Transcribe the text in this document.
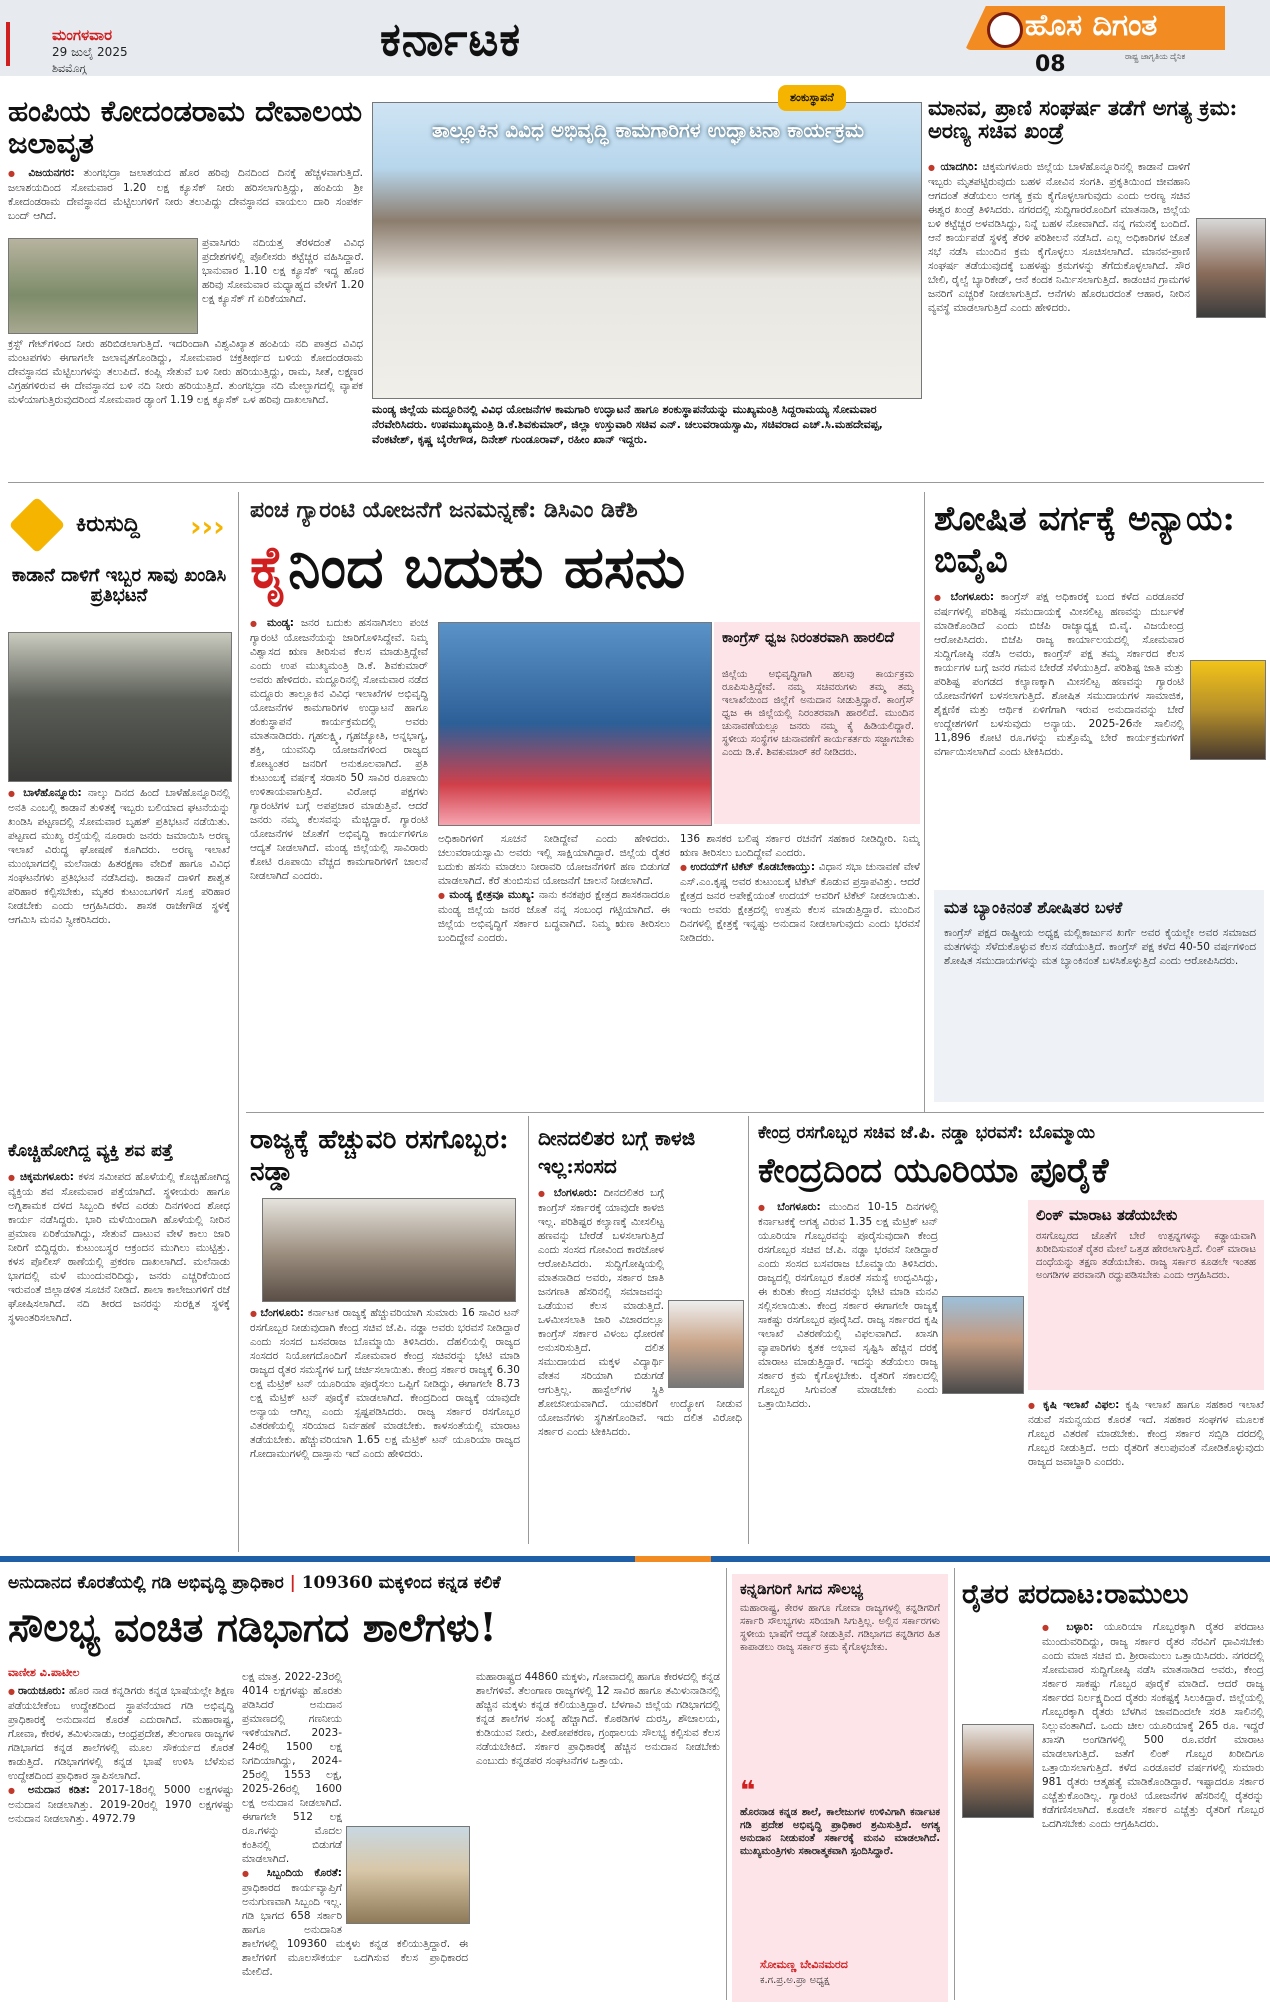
ಮಂಗಳವಾರ
29 ಜುಲೈ 2025
ಶಿವಮೊಗ್ಗ
ಕರ್ನಾಟಕ	ಹೊಸ ದಿಗಂತ
ರಾಷ್ಟ್ರ ಜಾಗೃತಿಯ ದೈನಿಕ
08
ಹಂಪಿಯ ಕೋದಂಡರಾಮ ದೇವಾಲಯ ಜಲಾವೃತ
● ವಿಜಯನಗರ: ತುಂಗಭದ್ರಾ ಜಲಾಶಯದ ಹೊರ ಹರಿವು ದಿನದಿಂದ ದಿನಕ್ಕೆ ಹೆಚ್ಚಳವಾಗುತ್ತಿದೆ. ಜಲಾಶಯದಿಂದ ಸೋಮವಾರ 1.20 ಲಕ್ಷ ಕ್ಯೂಸೆಕ್ ನೀರು ಹರಿಸಲಾಗುತ್ತಿದ್ದು, ಹಂಪಿಯ ಶ್ರೀ ಕೋದಂಡರಾಮ ದೇವಸ್ಥಾನದ ಮೆಟ್ಟಿಲುಗಳಿಗೆ ನೀರು ತಲುಪಿದ್ದು ದೇವಸ್ಥಾನದ ವಾಯಲು ದಾರಿ ಸಂಪರ್ಕ ಬಂದ್ ಆಗಿದೆ.
ಪ್ರವಾಸಿಗರು ನದಿಯತ್ತ ತೆರಳದಂತೆ ವಿವಿಧ ಪ್ರದೇಶಗಳಲ್ಲಿ ಪೊಲೀಸರು ಕಟ್ಟೆಚ್ಚರ ವಹಿಸಿದ್ದಾರೆ. ಭಾನುವಾರ 1.10 ಲಕ್ಷ ಕ್ಯೂಸೆಕ್ ಇದ್ದ ಹೊರ ಹರಿವು ಸೋಮವಾರ ಮಧ್ಯಾಹ್ನದ ವೇಳೆಗೆ 1.20 ಲಕ್ಷ ಕ್ಯೂಸೆಕ್ ಗೆ ಏರಿಕೆಯಾಗಿದೆ.
ಕ್ರಸ್ಟ್ ಗೇಟ್‌ಗಳಿಂದ ನೀರು ಹರಿಬಿಡಲಾಗುತ್ತಿದೆ. ಇದರಿಂದಾಗಿ ವಿಶ್ವವಿಖ್ಯಾತ ಹಂಪಿಯ ನದಿ ಪಾತ್ರದ ವಿವಿಧ ಮಂಟಪಗಳು ಈಗಾಗಲೇ ಜಲಾವೃತಗೊಂಡಿದ್ದು, ಸೋಮವಾರ ಚಕ್ರತೀರ್ಥದ ಬಳಿಯ ಕೋದಂಡರಾಮ ದೇವಸ್ಥಾನದ ಮೆಟ್ಟಿಲುಗಳನ್ನು ತಲುಪಿದೆ. ಕಂಪ್ಲಿ ಸೇತುವೆ ಬಳಿ ನೀರು ಹರಿಯುತ್ತಿದ್ದು, ರಾಮ, ಸೀತೆ, ಲಕ್ಷ್ಮಣರ ವಿಗ್ರಹಗಳಿರುವ ಈ ದೇವಸ್ಥಾನದ ಬಳಿ ನದಿ ನೀರು ಹರಿಯುತ್ತಿದೆ. ತುಂಗಭದ್ರಾ ನದಿ ಮೇಲ್ಭಾಗದಲ್ಲಿ ವ್ಯಾಪಕ ಮಳೆಯಾಗುತ್ತಿರುವುದರಿಂದ ಸೋಮವಾರ ಡ್ಯಾಂಗೆ 1.19 ಲಕ್ಷ ಕ್ಯೂಸೆಕ್ ಒಳ ಹರಿವು ದಾಖಲಾಗಿದೆ.
ತಾಲ್ಲೂಕಿನ ವಿವಿಧ ಅಭಿವೃದ್ಧಿ ಕಾಮಗಾರಿಗಳ ಉದ್ಘಾಟನಾ ಕಾರ್ಯಕ್ರಮ
ಶಂಕುಸ್ಥಾಪನೆ
ಮಂಡ್ಯ ಜಿಲ್ಲೆಯ ಮದ್ದೂರಿನಲ್ಲಿ ವಿವಿಧ ಯೋಜನೆಗಳ ಕಾಮಗಾರಿ ಉದ್ಘಾಟನೆ ಹಾಗೂ ಶಂಕುಸ್ಥಾಪನೆಯನ್ನು ಮುಖ್ಯಮಂತ್ರಿ ಸಿದ್ದರಾಮಯ್ಯ ಸೋಮವಾರ ನೆರವೇರಿಸಿದರು. ಉಪಮುಖ್ಯಮಂತ್ರಿ ಡಿ.ಕೆ.ಶಿವಕುಮಾರ್, ಜಿಲ್ಲಾ ಉಸ್ತುವಾರಿ ಸಚಿವ ಎನ್. ಚಲುವರಾಯಸ್ವಾಮಿ, ಸಚಿವರಾದ ಎಚ್.ಸಿ.ಮಹದೇವಪ್ಪ, ವೆಂಕಟೇಶ್, ಕೃಷ್ಣ ಬೈರೇಗೌಡ, ದಿನೇಶ್ ಗುಂಡೂರಾವ್, ರಹೀಂ ಖಾನ್ ಇದ್ದರು.
ಮಾನವ, ಪ್ರಾಣಿ ಸಂಘರ್ಷ ತಡೆಗೆ ಅಗತ್ಯ ಕ್ರಮ: ಅರಣ್ಯ ಸಚಿವ ಖಂಡ್ರೆ
● ಯಾದಗಿರಿ: ಚಿಕ್ಕಮಗಳೂರು ಜಿಲ್ಲೆಯ ಬಾಳೆಹೊನ್ನೂರಿನಲ್ಲಿ ಕಾಡಾನೆ ದಾಳಿಗೆ ಇಬ್ಬರು ಮೃತಪಟ್ಟಿರುವುದು ಬಹಳ ನೋವಿನ ಸಂಗತಿ. ಪ್ರಕೃತಿಯಿಂದ ಜೀವಹಾನಿ ಆಗದಂತೆ ತಡೆಯಲು ಅಗತ್ಯ ಕ್ರಮ ಕೈಗೊಳ್ಳಲಾಗುವುದು ಎಂದು ಅರಣ್ಯ ಸಚಿವ ಈಶ್ವರ ಖಂಡ್ರೆ ತಿಳಿಸಿದರು. ನಗರದಲ್ಲಿ ಸುದ್ದಿಗಾರರೊಂದಿಗೆ ಮಾತನಾಡಿ, ಜಿಲ್ಲೆಯ ಬಳಿ ಕಟ್ಟೆಚ್ಚರ ಅಳವಡಿಸಿದ್ದು, ನಿನ್ನೆ ಬಹಳ ನೋವಾಗಿದೆ. ನನ್ನ ಗಮನಕ್ಕೆ ಬಂದಿದೆ. ಆನೆ ಕಾರ್ಯಪಡೆ ಸ್ಥಳಕ್ಕೆ ತೆರಳಿ ಪರಿಶೀಲನೆ ನಡೆಸಿದೆ. ಎಲ್ಲ ಅಧಿಕಾರಿಗಳ ಜೊತೆ ಸಭೆ ನಡೆಸಿ ಮುಂದಿನ ಕ್ರಮ ಕೈಗೊಳ್ಳಲು ಸೂಚಿಸಲಾಗಿದೆ. ಮಾನವ-ಪ್ರಾಣಿ ಸಂಘರ್ಷ ತಡೆಯುವುದಕ್ಕೆ ಬಹಳಷ್ಟು ಕ್ರಮಗಳನ್ನು ತೆಗೆದುಕೊಳ್ಳಲಾಗಿದೆ. ಸೌರ ಬೇಲಿ, ರೈಲ್ವೆ ಬ್ಯಾರಿಕೇಡ್, ಆನೆ ಕಂದಕ ನಿರ್ಮಿಸಲಾಗುತ್ತಿದೆ. ಕಾಡಂಚಿನ ಗ್ರಾಮಗಳ ಜನರಿಗೆ ಎಚ್ಚರಿಕೆ ನೀಡಲಾಗುತ್ತಿದೆ. ಆನೆಗಳು ಹೊರಬರದಂತೆ ಆಹಾರ, ನೀರಿನ ವ್ಯವಸ್ಥೆ ಮಾಡಲಾಗುತ್ತಿದೆ ಎಂದು ಹೇಳಿದರು.
ಕಿರುಸುದ್ದಿ ›››
ಕಾಡಾನೆ ದಾಳಿಗೆ ಇಬ್ಬರ ಸಾವು ಖಂಡಿಸಿ ಪ್ರತಿಭಟನೆ
● ಬಾಳೆಹೊನ್ನೂರು: ನಾಲ್ಕು ದಿನದ ಹಿಂದೆ ಬಾಳೆಹೊನ್ನೂರಿನಲ್ಲಿ ಅನತಿ ಎಂಬಲ್ಲಿ ಕಾಡಾನೆ ತುಳಿತಕ್ಕೆ ಇಬ್ಬರು ಬಲಿಯಾದ ಘಟನೆಯನ್ನು ಖಂಡಿಸಿ ಪಟ್ಟಣದಲ್ಲಿ ಸೋಮವಾರ ಬೃಹತ್ ಪ್ರತಿಭಟನೆ ನಡೆಯಿತು. ಪಟ್ಟಣದ ಮುಖ್ಯ ರಸ್ತೆಯಲ್ಲಿ ನೂರಾರು ಜನರು ಜಮಾಯಿಸಿ ಅರಣ್ಯ ಇಲಾಖೆ ವಿರುದ್ಧ ಘೋಷಣೆ ಕೂಗಿದರು. ಅರಣ್ಯ ಇಲಾಖೆ ಮುಂಭಾಗದಲ್ಲಿ ಮಲೆನಾಡು ಹಿತರಕ್ಷಣಾ ವೇದಿಕೆ ಹಾಗೂ ವಿವಿಧ ಸಂಘಟನೆಗಳು ಪ್ರತಿಭಟನೆ ನಡೆಸಿದವು. ಕಾಡಾನೆ ದಾಳಿಗೆ ಶಾಶ್ವತ ಪರಿಹಾರ ಕಲ್ಪಿಸಬೇಕು, ಮೃತರ ಕುಟುಂಬಗಳಿಗೆ ಸೂಕ್ತ ಪರಿಹಾರ ನೀಡಬೇಕು ಎಂದು ಆಗ್ರಹಿಸಿದರು. ಶಾಸಕ ರಾಜೇಗೌಡ ಸ್ಥಳಕ್ಕೆ ಆಗಮಿಸಿ ಮನವಿ ಸ್ವೀಕರಿಸಿದರು.
ಪಂಚ ಗ್ಯಾರಂಟಿ ಯೋಜನೆಗೆ ಜನಮನ್ನಣೆ: ಡಿಸಿಎಂ ಡಿಕೆಶಿ
ಕೈನಿಂದ ಬದುಕು ಹಸನು
● ಮಂಡ್ಯ: ಜನರ ಬದುಕು ಹಸನಾಗಿಸಲು ಪಂಚ ಗ್ಯಾರಂಟಿ ಯೋಜನೆಯನ್ನು ಜಾರಿಗೊಳಿಸಿದ್ದೇವೆ. ನಿಮ್ಮ ವಿಶ್ವಾಸದ ಋಣ ತೀರಿಸುವ ಕೆಲಸ ಮಾಡುತ್ತಿದ್ದೇವೆ ಎಂದು ಉಪ ಮುಖ್ಯಮಂತ್ರಿ ಡಿ.ಕೆ. ಶಿವಕುಮಾರ್ ಅವರು ಹೇಳಿದರು. ಮದ್ದೂರಿನಲ್ಲಿ ಸೋಮವಾರ ನಡೆದ ಮದ್ದೂರು ತಾಲ್ಲೂಕಿನ ವಿವಿಧ ಇಲಾಖೆಗಳ ಅಭಿವೃದ್ಧಿ ಯೋಜನೆಗಳ ಕಾಮಗಾರಿಗಳ ಉದ್ಘಾಟನೆ ಹಾಗೂ ಶಂಕುಸ್ಥಾಪನೆ ಕಾರ್ಯಕ್ರಮದಲ್ಲಿ ಅವರು ಮಾತನಾಡಿದರು. ಗೃಹಲಕ್ಷ್ಮಿ, ಗೃಹಜ್ಯೋತಿ, ಅನ್ನಭಾಗ್ಯ, ಶಕ್ತಿ, ಯುವನಿಧಿ ಯೋಜನೆಗಳಿಂದ ರಾಜ್ಯದ ಕೋಟ್ಯಂತರ ಜನರಿಗೆ ಅನುಕೂಲವಾಗಿದೆ. ಪ್ರತಿ ಕುಟುಂಬಕ್ಕೆ ವರ್ಷಕ್ಕೆ ಸರಾಸರಿ 50 ಸಾವಿರ ರೂಪಾಯಿ ಉಳಿತಾಯವಾಗುತ್ತಿದೆ. ವಿರೋಧ ಪಕ್ಷಗಳು ಗ್ಯಾರಂಟಿಗಳ ಬಗ್ಗೆ ಅಪಪ್ರಚಾರ ಮಾಡುತ್ತಿವೆ. ಆದರೆ ಜನರು ನಮ್ಮ ಕೆಲಸವನ್ನು ಮೆಚ್ಚಿದ್ದಾರೆ. ಗ್ಯಾರಂಟಿ ಯೋಜನೆಗಳ ಜೊತೆಗೆ ಅಭಿವೃದ್ಧಿ ಕಾರ್ಯಗಳಿಗೂ ಆದ್ಯತೆ ನೀಡಲಾಗಿದೆ. ಮಂಡ್ಯ ಜಿಲ್ಲೆಯಲ್ಲಿ ಸಾವಿರಾರು ಕೋಟಿ ರೂಪಾಯಿ ವೆಚ್ಚದ ಕಾಮಗಾರಿಗಳಿಗೆ ಚಾಲನೆ ನೀಡಲಾಗಿದೆ ಎಂದರು.
ಕಾಂಗ್ರೆಸ್ ಧ್ವಜ ನಿರಂತರವಾಗಿ ಹಾರಲಿದೆ
ಜಿಲ್ಲೆಯ ಅಭಿವೃದ್ಧಿಗಾಗಿ ಹಲವು ಕಾರ್ಯಕ್ರಮ ರೂಪಿಸುತ್ತಿದ್ದೇವೆ. ನಮ್ಮ ಸಚಿವರುಗಳು ತಮ್ಮ ತಮ್ಮ ಇಲಾಖೆಯಿಂದ ಜಿಲ್ಲೆಗೆ ಅನುದಾನ ನೀಡುತ್ತಿದ್ದಾರೆ. ಕಾಂಗ್ರೆಸ್ ಧ್ವಜ ಈ ಜಿಲ್ಲೆಯಲ್ಲಿ ನಿರಂತರವಾಗಿ ಹಾರಲಿದೆ. ಮುಂದಿನ ಚುನಾವಣೆಯಲ್ಲೂ ಜನರು ನಮ್ಮ ಕೈ ಹಿಡಿಯಲಿದ್ದಾರೆ. ಸ್ಥಳೀಯ ಸಂಸ್ಥೆಗಳ ಚುನಾವಣೆಗೆ ಕಾರ್ಯಕರ್ತರು ಸಜ್ಜಾಗಬೇಕು ಎಂದು ಡಿ.ಕೆ. ಶಿವಕುಮಾರ್ ಕರೆ ನೀಡಿದರು.
ಅಧಿಕಾರಿಗಳಿಗೆ ಸೂಚನೆ ನೀಡಿದ್ದೇವೆ ಎಂದು ಹೇಳಿದರು. ಚಲುವರಾಯಸ್ವಾಮಿ ಅವರು ಇಲ್ಲಿ ಸಾಕ್ಷಿಯಾಗಿದ್ದಾರೆ. ಜಿಲ್ಲೆಯ ರೈತರ ಬದುಕು ಹಸನು ಮಾಡಲು ನೀರಾವರಿ ಯೋಜನೆಗಳಿಗೆ ಹಣ ಬಿಡುಗಡೆ ಮಾಡಲಾಗಿದೆ. ಕೆರೆ ತುಂಬಿಸುವ ಯೋಜನೆಗೆ ಚಾಲನೆ ನೀಡಲಾಗಿದೆ.
● ಮಂಡ್ಯ ಕ್ಷೇತ್ರವೂ ಮುಖ್ಯ: ನಾನು ಕನಕಪುರ ಕ್ಷೇತ್ರದ ಶಾಸಕನಾದರೂ ಮಂಡ್ಯ ಜಿಲ್ಲೆಯ ಜನರ ಜೊತೆ ನನ್ನ ಸಂಬಂಧ ಗಟ್ಟಿಯಾಗಿದೆ. ಈ ಜಿಲ್ಲೆಯ ಅಭಿವೃದ್ಧಿಗೆ ಸರ್ಕಾರ ಬದ್ಧವಾಗಿದೆ. ನಿಮ್ಮ ಋಣ ತೀರಿಸಲು ಬಂದಿದ್ದೇನೆ ಎಂದರು.
136 ಶಾಸಕರ ಬಲಿಷ್ಠ ಸರ್ಕಾರ ರಚನೆಗೆ ಸಹಕಾರ ನೀಡಿದ್ದೀರಿ. ನಿಮ್ಮ ಋಣ ತೀರಿಸಲು ಬಂದಿದ್ದೇವೆ ಎಂದರು.
● ಉದಯ್‌ಗೆ ಟಿಕೆಟ್ ಕೊಡಬೇಕಾಯ್ತು: ವಿಧಾನ ಸಭಾ ಚುನಾವಣೆ ವೇಳೆ ಎಸ್.ಎಂ.ಕೃಷ್ಣ ಅವರ ಕುಟುಂಬಕ್ಕೆ ಟಿಕೆಟ್ ಕೊಡುವ ಪ್ರಸ್ತಾಪವಿತ್ತು. ಆದರೆ ಕ್ಷೇತ್ರದ ಜನರ ಅಪೇಕ್ಷೆಯಂತೆ ಉದಯ್ ಅವರಿಗೆ ಟಿಕೆಟ್ ನೀಡಲಾಯಿತು. ಇಂದು ಅವರು ಕ್ಷೇತ್ರದಲ್ಲಿ ಉತ್ತಮ ಕೆಲಸ ಮಾಡುತ್ತಿದ್ದಾರೆ. ಮುಂದಿನ ದಿನಗಳಲ್ಲಿ ಕ್ಷೇತ್ರಕ್ಕೆ ಇನ್ನಷ್ಟು ಅನುದಾನ ನೀಡಲಾಗುವುದು ಎಂದು ಭರವಸೆ ನೀಡಿದರು.
ಶೋಷಿತ ವರ್ಗಕ್ಕೆ ಅನ್ಯಾಯ: ಬಿವೈವಿ
● ಬೆಂಗಳೂರು: ಕಾಂಗ್ರೆಸ್ ಪಕ್ಷ ಅಧಿಕಾರಕ್ಕೆ ಬಂದ ಕಳೆದ ಎರಡೂವರೆ ವರ್ಷಗಳಲ್ಲಿ ಪರಿಶಿಷ್ಟ ಸಮುದಾಯಕ್ಕೆ ಮೀಸಲಿಟ್ಟ ಹಣವನ್ನು ದುರ್ಬಳಕೆ ಮಾಡಿಕೊಂಡಿದೆ ಎಂದು ಬಿಜೆಪಿ ರಾಜ್ಯಾಧ್ಯಕ್ಷ ಬಿ.ವೈ. ವಿಜಯೇಂದ್ರ ಆರೋಪಿಸಿದರು. ಬಿಜೆಪಿ ರಾಜ್ಯ ಕಾರ್ಯಾಲಯದಲ್ಲಿ ಸೋಮವಾರ ಸುದ್ದಿಗೋಷ್ಠಿ ನಡೆಸಿ ಅವರು, ಕಾಂಗ್ರೆಸ್ ಪಕ್ಷ ತಮ್ಮ ಸರ್ಕಾರದ ಕೆಲಸ ಕಾರ್ಯಗಳ ಬಗ್ಗೆ ಜನರ ಗಮನ ಬೇರೆಡೆ ಸೆಳೆಯುತ್ತಿದೆ. ಪರಿಶಿಷ್ಟ ಜಾತಿ ಮತ್ತು ಪರಿಶಿಷ್ಟ ಪಂಗಡದ ಕಲ್ಯಾಣಕ್ಕಾಗಿ ಮೀಸಲಿಟ್ಟ ಹಣವನ್ನು ಗ್ಯಾರಂಟಿ ಯೋಜನೆಗಳಿಗೆ ಬಳಸಲಾಗುತ್ತಿದೆ. ಶೋಷಿತ ಸಮುದಾಯಗಳ ಸಾಮಾಜಿಕ, ಶೈಕ್ಷಣಿಕ ಮತ್ತು ಆರ್ಥಿಕ ಏಳಿಗೆಗಾಗಿ ಇರುವ ಅನುದಾನವನ್ನು ಬೇರೆ ಉದ್ದೇಶಗಳಿಗೆ ಬಳಸುವುದು ಅನ್ಯಾಯ. 2025-26ನೇ ಸಾಲಿನಲ್ಲಿ 11,896 ಕೋಟಿ ರೂ.ಗಳನ್ನು ಮತ್ತೊಮ್ಮೆ ಬೇರೆ ಕಾರ್ಯಕ್ರಮಗಳಿಗೆ ವರ್ಗಾಯಿಸಲಾಗಿದೆ ಎಂದು ಟೀಕಿಸಿದರು.
ಮತ ಬ್ಯಾಂಕಿನಂತೆ ಶೋಷಿತರ ಬಳಕೆ
ಕಾಂಗ್ರೆಸ್ ಪಕ್ಷದ ರಾಷ್ಟ್ರೀಯ ಅಧ್ಯಕ್ಷ ಮಲ್ಲಿಕಾರ್ಜುನ ಖರ್ಗೆ ಅವರ ಕೈಯಲ್ಲೇ ಅವರ ಸಮಾಜದ ಮತಗಳನ್ನು ಸೆಳೆದುಕೊಳ್ಳುವ ಕೆಲಸ ನಡೆಯುತ್ತಿದೆ. ಕಾಂಗ್ರೆಸ್ ಪಕ್ಷ ಕಳೆದ 40-50 ವರ್ಷಗಳಿಂದ ಶೋಷಿತ ಸಮುದಾಯಗಳನ್ನು ಮತ ಬ್ಯಾಂಕಿನಂತೆ ಬಳಸಿಕೊಳ್ಳುತ್ತಿದೆ ಎಂದು ಆರೋಪಿಸಿದರು.
ಕೊಚ್ಚಿಹೋಗಿದ್ದ ವ್ಯಕ್ತಿ ಶವ ಪತ್ತೆ
● ಚಿಕ್ಕಮಗಳೂರು: ಕಳಸ ಸಮೀಪದ ಹೊಳೆಯಲ್ಲಿ ಕೊಚ್ಚಿಹೋಗಿದ್ದ ವ್ಯಕ್ತಿಯ ಶವ ಸೋಮವಾರ ಪತ್ತೆಯಾಗಿದೆ. ಸ್ಥಳೀಯರು ಹಾಗೂ ಅಗ್ನಿಶಾಮಕ ದಳದ ಸಿಬ್ಬಂದಿ ಕಳೆದ ಎರಡು ದಿನಗಳಿಂದ ಶೋಧ ಕಾರ್ಯ ನಡೆಸಿದ್ದರು. ಭಾರಿ ಮಳೆಯಿಂದಾಗಿ ಹೊಳೆಯಲ್ಲಿ ನೀರಿನ ಪ್ರಮಾಣ ಏರಿಕೆಯಾಗಿದ್ದು, ಸೇತುವೆ ದಾಟುವ ವೇಳೆ ಕಾಲು ಜಾರಿ ನೀರಿಗೆ ಬಿದ್ದಿದ್ದರು. ಕುಟುಂಬಸ್ಥರ ಆಕ್ರಂದನ ಮುಗಿಲು ಮುಟ್ಟಿತ್ತು. ಕಳಸ ಪೊಲೀಸ್ ಠಾಣೆಯಲ್ಲಿ ಪ್ರಕರಣ ದಾಖಲಾಗಿದೆ. ಮಲೆನಾಡು ಭಾಗದಲ್ಲಿ ಮಳೆ ಮುಂದುವರಿದಿದ್ದು, ಜನರು ಎಚ್ಚರಿಕೆಯಿಂದ ಇರುವಂತೆ ಜಿಲ್ಲಾಡಳಿತ ಸೂಚನೆ ನೀಡಿದೆ. ಶಾಲಾ ಕಾಲೇಜುಗಳಿಗೆ ರಜೆ ಘೋಷಿಸಲಾಗಿದೆ. ನದಿ ತೀರದ ಜನರನ್ನು ಸುರಕ್ಷಿತ ಸ್ಥಳಕ್ಕೆ ಸ್ಥಳಾಂತರಿಸಲಾಗಿದೆ.
ರಾಜ್ಯಕ್ಕೆ ಹೆಚ್ಚುವರಿ ರಸಗೊಬ್ಬರ: ನಡ್ಡಾ
● ಬೆಂಗಳೂರು: ಕರ್ನಾಟಕ ರಾಜ್ಯಕ್ಕೆ ಹೆಚ್ಚುವರಿಯಾಗಿ ಸುಮಾರು 16 ಸಾವಿರ ಟನ್ ರಸಗೊಬ್ಬರ ನೀಡುವುದಾಗಿ ಕೇಂದ್ರ ಸಚಿವ ಜೆ.ಪಿ. ನಡ್ಡಾ ಅವರು ಭರವಸೆ ನೀಡಿದ್ದಾರೆ ಎಂದು ಸಂಸದ ಬಸವರಾಜ ಬೊಮ್ಮಾಯಿ ತಿಳಿಸಿದರು. ದೆಹಲಿಯಲ್ಲಿ ರಾಜ್ಯದ ಸಂಸದರ ನಿಯೋಗದೊಂದಿಗೆ ಸೋಮವಾರ ಕೇಂದ್ರ ಸಚಿವರನ್ನು ಭೇಟಿ ಮಾಡಿ ರಾಜ್ಯದ ರೈತರ ಸಮಸ್ಯೆಗಳ ಬಗ್ಗೆ ಚರ್ಚಿಸಲಾಯಿತು. ಕೇಂದ್ರ ಸರ್ಕಾರ ರಾಜ್ಯಕ್ಕೆ 6.30 ಲಕ್ಷ ಮೆಟ್ರಿಕ್ ಟನ್ ಯೂರಿಯಾ ಪೂರೈಸಲು ಒಪ್ಪಿಗೆ ನೀಡಿದ್ದು, ಈಗಾಗಲೇ 8.73 ಲಕ್ಷ ಮೆಟ್ರಿಕ್ ಟನ್ ಪೂರೈಕೆ ಮಾಡಲಾಗಿದೆ. ಕೇಂದ್ರದಿಂದ ರಾಜ್ಯಕ್ಕೆ ಯಾವುದೇ ಅನ್ಯಾಯ ಆಗಿಲ್ಲ ಎಂದು ಸ್ಪಷ್ಟಪಡಿಸಿದರು. ರಾಜ್ಯ ಸರ್ಕಾರ ರಸಗೊಬ್ಬರ ವಿತರಣೆಯಲ್ಲಿ ಸರಿಯಾದ ನಿರ್ವಹಣೆ ಮಾಡಬೇಕು. ಕಾಳಸಂತೆಯಲ್ಲಿ ಮಾರಾಟ ತಡೆಯಬೇಕು. ಹೆಚ್ಚುವರಿಯಾಗಿ 1.65 ಲಕ್ಷ ಮೆಟ್ರಿಕ್ ಟನ್ ಯೂರಿಯಾ ರಾಜ್ಯದ ಗೋದಾಮುಗಳಲ್ಲಿ ದಾಸ್ತಾನು ಇದೆ ಎಂದು ಹೇಳಿದರು.
ದೀನದಲಿತರ ಬಗ್ಗೆ ಕಾಳಜಿ ಇಲ್ಲ:ಸಂಸದ
● ಬೆಂಗಳೂರು: ದೀನದಲಿತರ ಬಗ್ಗೆ ಕಾಂಗ್ರೆಸ್ ಸರ್ಕಾರಕ್ಕೆ ಯಾವುದೇ ಕಾಳಜಿ ಇಲ್ಲ. ಪರಿಶಿಷ್ಟರ ಕಲ್ಯಾಣಕ್ಕೆ ಮೀಸಲಿಟ್ಟ ಹಣವನ್ನು ಬೇರೆಡೆ ಬಳಸಲಾಗುತ್ತಿದೆ ಎಂದು ಸಂಸದ ಗೋವಿಂದ ಕಾರಜೋಳ ಆರೋಪಿಸಿದರು. ಸುದ್ದಿಗೋಷ್ಠಿಯಲ್ಲಿ ಮಾತನಾಡಿದ ಅವರು, ಸರ್ಕಾರ ಜಾತಿ ಜನಗಣತಿ ಹೆಸರಿನಲ್ಲಿ ಸಮಾಜವನ್ನು ಒಡೆಯುವ ಕೆಲಸ ಮಾಡುತ್ತಿದೆ. ಒಳಮೀಸಲಾತಿ ಜಾರಿ ವಿಚಾರದಲ್ಲೂ ಕಾಂಗ್ರೆಸ್ ಸರ್ಕಾರ ವಿಳಂಬ ಧೋರಣೆ ಅನುಸರಿಸುತ್ತಿದೆ. ದಲಿತ ಸಮುದಾಯದ ಮಕ್ಕಳ ವಿದ್ಯಾರ್ಥಿ ವೇತನ ಸರಿಯಾಗಿ ಬಿಡುಗಡೆ ಆಗುತ್ತಿಲ್ಲ. ಹಾಸ್ಟೆಲ್‌ಗಳ ಸ್ಥಿತಿ ಶೋಚನೀಯವಾಗಿದೆ. ಯುವಕರಿಗೆ ಉದ್ಯೋಗ ನೀಡುವ ಯೋಜನೆಗಳು ಸ್ಥಗಿತಗೊಂಡಿವೆ. ಇದು ದಲಿತ ವಿರೋಧಿ ಸರ್ಕಾರ ಎಂದು ಟೀಕಿಸಿದರು.
ಕೇಂದ್ರ ರಸಗೊಬ್ಬರ ಸಚಿವ ಜೆ.ಪಿ. ನಡ್ಡಾ ಭರವಸೆ: ಬೊಮ್ಮಾಯಿ
ಕೇಂದ್ರದಿಂದ ಯೂರಿಯಾ ಪೂರೈಕೆ
● ಬೆಂಗಳೂರು: ಮುಂದಿನ 10-15 ದಿನಗಳಲ್ಲಿ ಕರ್ನಾಟಕಕ್ಕೆ ಅಗತ್ಯ ವಿರುವ 1.35 ಲಕ್ಷ ಮೆಟ್ರಿಕ್ ಟನ್ ಯೂರಿಯಾ ಗೊಬ್ಬರವನ್ನು ಪೂರೈಸುವುದಾಗಿ ಕೇಂದ್ರ ರಸಗೊಬ್ಬರ ಸಚಿವ ಜೆ.ಪಿ. ನಡ್ಡಾ ಭರವಸೆ ನೀಡಿದ್ದಾರೆ ಎಂದು ಸಂಸದ ಬಸವರಾಜ ಬೊಮ್ಮಾಯಿ ತಿಳಿಸಿದರು. ರಾಜ್ಯದಲ್ಲಿ ರಸಗೊಬ್ಬರ ಕೊರತೆ ಸಮಸ್ಯೆ ಉದ್ಭವಿಸಿದ್ದು, ಈ ಕುರಿತು ಕೇಂದ್ರ ಸಚಿವರನ್ನು ಭೇಟಿ ಮಾಡಿ ಮನವಿ ಸಲ್ಲಿಸಲಾಯಿತು. ಕೇಂದ್ರ ಸರ್ಕಾರ ಈಗಾಗಲೇ ರಾಜ್ಯಕ್ಕೆ ಸಾಕಷ್ಟು ರಸಗೊಬ್ಬರ ಪೂರೈಸಿದೆ. ರಾಜ್ಯ ಸರ್ಕಾರದ ಕೃಷಿ ಇಲಾಖೆ ವಿತರಣೆಯಲ್ಲಿ ವಿಫಲವಾಗಿದೆ. ಖಾಸಗಿ ವ್ಯಾಪಾರಿಗಳು ಕೃತಕ ಅಭಾವ ಸೃಷ್ಟಿಸಿ ಹೆಚ್ಚಿನ ದರಕ್ಕೆ ಮಾರಾಟ ಮಾಡುತ್ತಿದ್ದಾರೆ. ಇದನ್ನು ತಡೆಯಲು ರಾಜ್ಯ ಸರ್ಕಾರ ಕ್ರಮ ಕೈಗೊಳ್ಳಬೇಕು. ರೈತರಿಗೆ ಸಕಾಲದಲ್ಲಿ ಗೊಬ್ಬರ ಸಿಗುವಂತೆ ಮಾಡಬೇಕು ಎಂದು ಒತ್ತಾಯಿಸಿದರು.
ಲಿಂಕ್ ಮಾರಾಟ ತಡೆಯಬೇಕು
ರಸಗೊಬ್ಬರದ ಜೊತೆಗೆ ಬೇರೆ ಉತ್ಪನ್ನಗಳನ್ನು ಕಡ್ಡಾಯವಾಗಿ ಖರೀದಿಸುವಂತೆ ರೈತರ ಮೇಲೆ ಒತ್ತಡ ಹೇರಲಾಗುತ್ತಿದೆ. ಲಿಂಕ್ ಮಾರಾಟ ದಂಧೆಯನ್ನು ತಕ್ಷಣ ತಡೆಯಬೇಕು. ರಾಜ್ಯ ಸರ್ಕಾರ ಕೂಡಲೇ ಇಂತಹ ಅಂಗಡಿಗಳ ಪರವಾನಗಿ ರದ್ದುಪಡಿಸಬೇಕು ಎಂದು ಆಗ್ರಹಿಸಿದರು.
● ಕೃಷಿ ಇಲಾಖೆ ವಿಫಲ: ಕೃಷಿ ಇಲಾಖೆ ಹಾಗೂ ಸಹಕಾರ ಇಲಾಖೆ ನಡುವೆ ಸಮನ್ವಯದ ಕೊರತೆ ಇದೆ. ಸಹಕಾರ ಸಂಘಗಳ ಮೂಲಕ ಗೊಬ್ಬರ ವಿತರಣೆ ಮಾಡಬೇಕು. ಕೇಂದ್ರ ಸರ್ಕಾರ ಸಬ್ಸಿಡಿ ದರದಲ್ಲಿ ಗೊಬ್ಬರ ನೀಡುತ್ತಿದೆ. ಅದು ರೈತರಿಗೆ ತಲುಪುವಂತೆ ನೋಡಿಕೊಳ್ಳುವುದು ರಾಜ್ಯದ ಜವಾಬ್ದಾರಿ ಎಂದರು.
ಅನುದಾನದ ಕೊರತೆಯಲ್ಲಿ ಗಡಿ ಅಭಿವೃದ್ಧಿ ಪ್ರಾಧಿಕಾರ | 109360 ಮಕ್ಕಳಿಂದ ಕನ್ನಡ ಕಲಿಕೆ
ಸೌಲಭ್ಯ ವಂಚಿತ ಗಡಿಭಾಗದ ಶಾಲೆಗಳು!
ವಾಣೀಶ ವಿ.ಪಾಟೀಲ
● ರಾಯಚೂರು: ಹೊರ ನಾಡ ಕನ್ನಡಿಗರು ಕನ್ನಡ ಭಾಷೆಯಲ್ಲೇ ಶಿಕ್ಷಣ ಪಡೆಯಬೇಕೆಂಬ ಉದ್ದೇಶದಿಂದ ಸ್ಥಾಪನೆಯಾದ ಗಡಿ ಅಭಿವೃದ್ಧಿ ಪ್ರಾಧಿಕಾರಕ್ಕೆ ಅನುದಾನದ ಕೊರತೆ ಎದುರಾಗಿದೆ. ಮಹಾರಾಷ್ಟ್ರ, ಗೋವಾ, ಕೇರಳ, ತಮಿಳುನಾಡು, ಆಂಧ್ರಪ್ರದೇಶ, ತೆಲಂಗಾಣ ರಾಜ್ಯಗಳ ಗಡಿಭಾಗದ ಕನ್ನಡ ಶಾಲೆಗಳಲ್ಲಿ ಮೂಲ ಸೌಕರ್ಯದ ಕೊರತೆ ಕಾಡುತ್ತಿದೆ. ಗಡಿಭಾಗಗಳಲ್ಲಿ ಕನ್ನಡ ಭಾಷೆ ಉಳಿಸಿ ಬೆಳೆಸುವ ಉದ್ದೇಶದಿಂದ ಪ್ರಾಧಿಕಾರ ಸ್ಥಾಪಿಸಲಾಗಿದೆ.
● ಅನುದಾನ ಕಡಿತ: 2017-18ರಲ್ಲಿ 5000 ಲಕ್ಷಗಳಷ್ಟು ಅನುದಾನ ನೀಡಲಾಗಿತ್ತು. 2019-20ರಲ್ಲಿ 1970 ಲಕ್ಷಗಳಷ್ಟು ಅನುದಾನ ನೀಡಲಾಗಿತ್ತು. 4972.79
ಲಕ್ಷ ಮಾತ್ರ. 2022-23ರಲ್ಲಿ 4014 ಲಕ್ಷಗಳಷ್ಟು ಹೊರತು ಪಡಿಸಿದರೆ ಅನುದಾನ ಪ್ರಮಾಣದಲ್ಲಿ ಗಣನೀಯ ಇಳಿಕೆಯಾಗಿದೆ. 2023-24ರಲ್ಲಿ 1500 ಲಕ್ಷ ನಿಗದಿಯಾಗಿದ್ದು, 2024-25ರಲ್ಲಿ 1553 ಲಕ್ಷ, 2025-26ರಲ್ಲಿ 1600 ಲಕ್ಷ ಅನುದಾನ ನೀಡಲಾಗಿದೆ. ಈಗಾಗಲೇ 512 ಲಕ್ಷ ರೂ.ಗಳನ್ನು ಮೊದಲ ಕಂತಿನಲ್ಲಿ ಬಿಡುಗಡೆ ಮಾಡಲಾಗಿದೆ.
● ಸಿಬ್ಬಂದಿಯ ಕೊರತೆ: ಪ್ರಾಧಿಕಾರದ ಕಾರ್ಯವ್ಯಾಪ್ತಿಗೆ ಅನುಗುಣವಾಗಿ ಸಿಬ್ಬಂದಿ ಇಲ್ಲ. ಗಡಿ ಭಾಗದ 658 ಸರ್ಕಾರಿ ಹಾಗೂ ಅನುದಾನಿತ ಶಾಲೆಗಳಲ್ಲಿ 109360 ಮಕ್ಕಳು ಕನ್ನಡ ಕಲಿಯುತ್ತಿದ್ದಾರೆ. ಈ ಶಾಲೆಗಳಿಗೆ ಮೂಲಸೌಕರ್ಯ ಒದಗಿಸುವ ಕೆಲಸ ಪ್ರಾಧಿಕಾರದ ಮೇಲಿದೆ.
ಮಹಾರಾಷ್ಟ್ರದ 44860 ಮಕ್ಕಳು, ಗೋವಾದಲ್ಲಿ ಹಾಗೂ ಕೇರಳದಲ್ಲಿ ಕನ್ನಡ ಶಾಲೆಗಳಿವೆ. ತೆಲಂಗಾಣ ರಾಜ್ಯಗಳಲ್ಲಿ 12 ಸಾವಿರ ಹಾಗೂ ತಮಿಳುನಾಡಿನಲ್ಲಿ ಹೆಚ್ಚಿನ ಮಕ್ಕಳು ಕನ್ನಡ ಕಲಿಯುತ್ತಿದ್ದಾರೆ. ಬೆಳಗಾವಿ ಜಿಲ್ಲೆಯ ಗಡಿಭಾಗದಲ್ಲಿ ಕನ್ನಡ ಶಾಲೆಗಳ ಸಂಖ್ಯೆ ಹೆಚ್ಚಾಗಿದೆ. ಕೊಠಡಿಗಳ ದುರಸ್ತಿ, ಶೌಚಾಲಯ, ಕುಡಿಯುವ ನೀರು, ಪೀಠೋಪಕರಣ, ಗ್ರಂಥಾಲಯ ಸೌಲಭ್ಯ ಕಲ್ಪಿಸುವ ಕೆಲಸ ನಡೆಯಬೇಕಿದೆ. ಸರ್ಕಾರ ಪ್ರಾಧಿಕಾರಕ್ಕೆ ಹೆಚ್ಚಿನ ಅನುದಾನ ನೀಡಬೇಕು ಎಂಬುದು ಕನ್ನಡಪರ ಸಂಘಟನೆಗಳ ಒತ್ತಾಯ.
ಕನ್ನಡಿಗರಿಗೆ ಸಿಗದ ಸೌಲಭ್ಯ
ಮಹಾರಾಷ್ಟ್ರ, ಕೇರಳ ಹಾಗೂ ಗೋವಾ ರಾಜ್ಯಗಳಲ್ಲಿ ಕನ್ನಡಿಗರಿಗೆ ಸರ್ಕಾರಿ ಸೌಲಭ್ಯಗಳು ಸರಿಯಾಗಿ ಸಿಗುತ್ತಿಲ್ಲ. ಅಲ್ಲಿನ ಸರ್ಕಾರಗಳು ಸ್ಥಳೀಯ ಭಾಷೆಗೆ ಆದ್ಯತೆ ನೀಡುತ್ತಿವೆ. ಗಡಿಭಾಗದ ಕನ್ನಡಿಗರ ಹಿತ ಕಾಪಾಡಲು ರಾಜ್ಯ ಸರ್ಕಾರ ಕ್ರಮ ಕೈಗೊಳ್ಳಬೇಕು.
❝
ಹೊರನಾಡ ಕನ್ನಡ ಶಾಲೆ, ಕಾಲೇಜುಗಳ ಉಳಿವಿಗಾಗಿ ಕರ್ನಾಟಕ ಗಡಿ ಪ್ರದೇಶ ಅಭಿವೃದ್ಧಿ ಪ್ರಾಧಿಕಾರ ಶ್ರಮಿಸುತ್ತಿದೆ. ಅಗತ್ಯ ಅನುದಾನ ನೀಡುವಂತೆ ಸರ್ಕಾರಕ್ಕೆ ಮನವಿ ಮಾಡಲಾಗಿದೆ. ಮುಖ್ಯಮಂತ್ರಿಗಳು ಸಕಾರಾತ್ಮಕವಾಗಿ ಸ್ಪಂದಿಸಿದ್ದಾರೆ.
ಸೋಮಣ್ಣ ಬೇವಿನಮರದ
ಕ.ಗ.ಪ್ರ.ಅ.ಪ್ರಾ ಅಧ್ಯಕ್ಷ
ರೈತರ ಪರದಾಟ:ರಾಮುಲು
● ಬಳ್ಳಾರಿ: ಯೂರಿಯಾ ಗೊಬ್ಬರಕ್ಕಾಗಿ ರೈತರ ಪರದಾಟ ಮುಂದುವರಿದಿದ್ದು, ರಾಜ್ಯ ಸರ್ಕಾರ ರೈತರ ನೆರವಿಗೆ ಧಾವಿಸಬೇಕು ಎಂದು ಮಾಜಿ ಸಚಿವ ಬಿ. ಶ್ರೀರಾಮುಲು ಒತ್ತಾಯಿಸಿದರು. ನಗರದಲ್ಲಿ ಸೋಮವಾರ ಸುದ್ದಿಗೋಷ್ಠಿ ನಡೆಸಿ ಮಾತನಾಡಿದ ಅವರು, ಕೇಂದ್ರ ಸರ್ಕಾರ ಸಾಕಷ್ಟು ಗೊಬ್ಬರ ಪೂರೈಕೆ ಮಾಡಿದೆ. ಆದರೆ ರಾಜ್ಯ ಸರ್ಕಾರದ ನಿರ್ಲಕ್ಷ್ಯದಿಂದ ರೈತರು ಸಂಕಷ್ಟಕ್ಕೆ ಸಿಲುಕಿದ್ದಾರೆ. ಜಿಲ್ಲೆಯಲ್ಲಿ ಗೊಬ್ಬರಕ್ಕಾಗಿ ರೈತರು ಬೆಳಗಿನ ಜಾವದಿಂದಲೇ ಸರತಿ ಸಾಲಿನಲ್ಲಿ ನಿಲ್ಲುವಂತಾಗಿದೆ. ಒಂದು ಚೀಲ ಯೂರಿಯಾಕ್ಕೆ 265 ರೂ. ಇದ್ದರೆ ಖಾಸಗಿ ಅಂಗಡಿಗಳಲ್ಲಿ 500 ರೂ.ವರೆಗೆ ಮಾರಾಟ ಮಾಡಲಾಗುತ್ತಿದೆ. ಜತೆಗೆ ಲಿಂಕ್ ಗೊಬ್ಬರ ಖರೀದಿಗೂ ಒತ್ತಾಯಿಸಲಾಗುತ್ತಿದೆ. ಕಳೆದ ಎರಡೂವರೆ ವರ್ಷಗಳಲ್ಲಿ ಸುಮಾರು 981 ರೈತರು ಆತ್ಮಹತ್ಯೆ ಮಾಡಿಕೊಂಡಿದ್ದಾರೆ. ಇಷ್ಟಾದರೂ ಸರ್ಕಾರ ಎಚ್ಚೆತ್ತುಕೊಂಡಿಲ್ಲ. ಗ್ಯಾರಂಟಿ ಯೋಜನೆಗಳ ಹೆಸರಿನಲ್ಲಿ ರೈತರನ್ನು ಕಡೆಗಣಿಸಲಾಗಿದೆ. ಕೂಡಲೇ ಸರ್ಕಾರ ಎಚ್ಚೆತ್ತು ರೈತರಿಗೆ ಗೊಬ್ಬರ ಒದಗಿಸಬೇಕು ಎಂದು ಆಗ್ರಹಿಸಿದರು.
